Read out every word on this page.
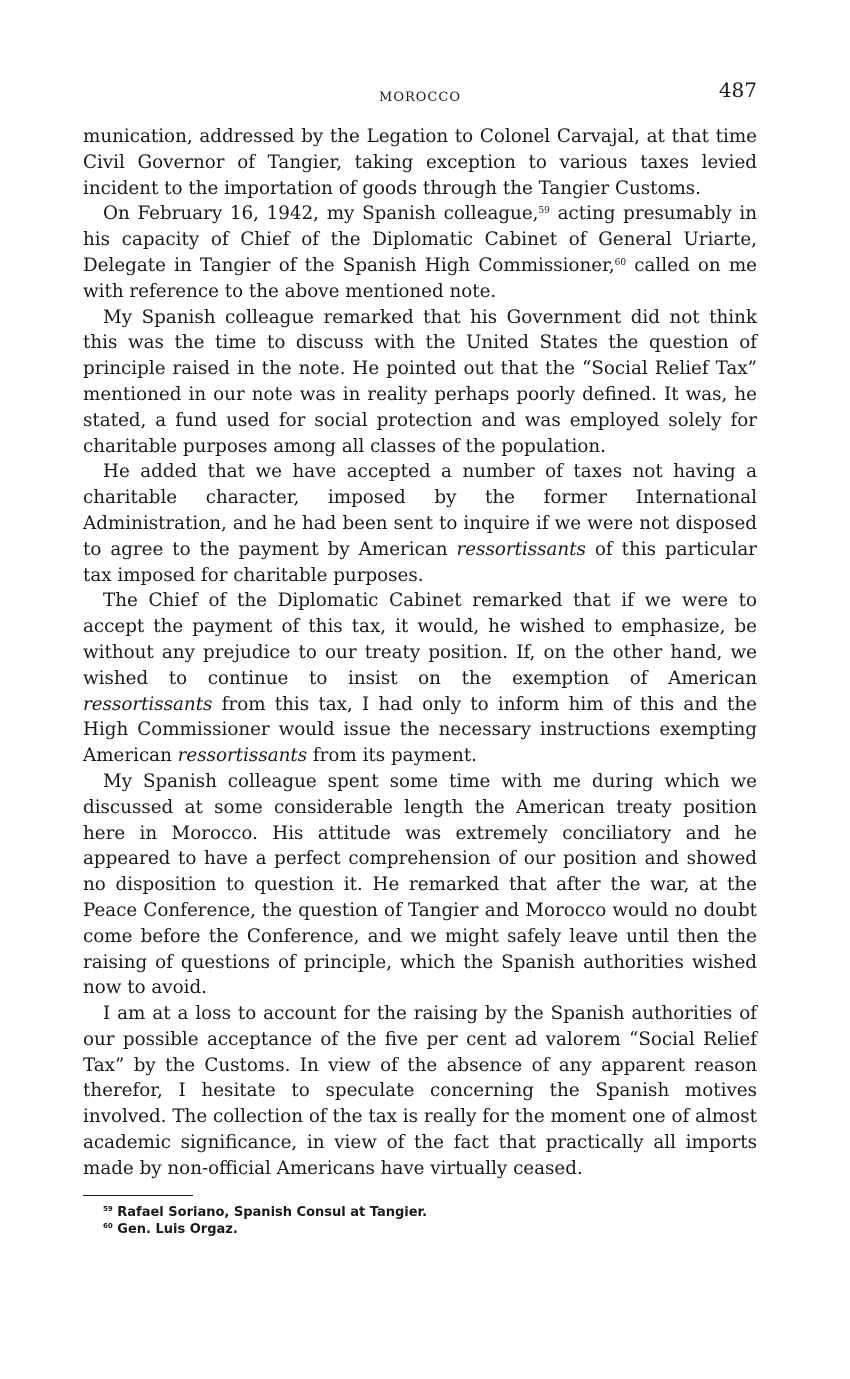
MOROCCO	487

munication, addressed by the Legation to Colonel Carvajal, at that time Civil Governor of Tangier, taking exception to various taxes levied incident to the importation of goods through the Tangier Customs.

On February 16, 1942, my Spanish colleague,$^{59}$ acting presumably in his capacity of Chief of the Diplomatic Cabinet of General Uriarte, Delegate in Tangier of the Spanish High Commissioner,$^{60}$ called on me with reference to the above mentioned note.

My Spanish colleague remarked that his Government did not think this was the time to discuss with the United States the question of principle raised in the note. He pointed out that the “Social Relief Tax” mentioned in our note was in reality perhaps poorly defined. It was, he stated, a fund used for social protection and was employed solely for charitable purposes among all classes of the population.

He added that we have accepted a number of taxes not having a charitable character, imposed by the former International Administration, and he had been sent to inquire if we were not disposed to agree to the payment by American ressortissants of this particular tax imposed for charitable purposes.

The Chief of the Diplomatic Cabinet remarked that if we were to accept the payment of this tax, it would, he wished to emphasize, be without any prejudice to our treaty position. If, on the other hand, we wished to continue to insist on the exemption of American ressortissants from this tax, I had only to inform him of this and the High Commissioner would issue the necessary instructions exempting American ressortissants from its payment.

My Spanish colleague spent some time with me during which we discussed at some considerable length the American treaty position here in Morocco. His attitude was extremely conciliatory and he appeared to have a perfect comprehension of our position and showed no disposition to question it. He remarked that after the war, at the Peace Conference, the question of Tangier and Morocco would no doubt come before the Conference, and we might safely leave until then the raising of questions of principle, which the Spanish authorities wished now to avoid.

I am at a loss to account for the raising by the Spanish authorities of our possible acceptance of the five per cent ad valorem “Social Relief Tax” by the Customs. In view of the absence of any apparent reason therefor, I hesitate to speculate concerning the Spanish motives involved. The collection of the tax is really for the moment one of almost academic significance, in view of the fact that practically all imports made by non-official Americans have virtually ceased.

$^{59}$ Rafael Soriano, Spanish Consul at Tangier.

$^{60}$ Gen. Luis Orgaz.
